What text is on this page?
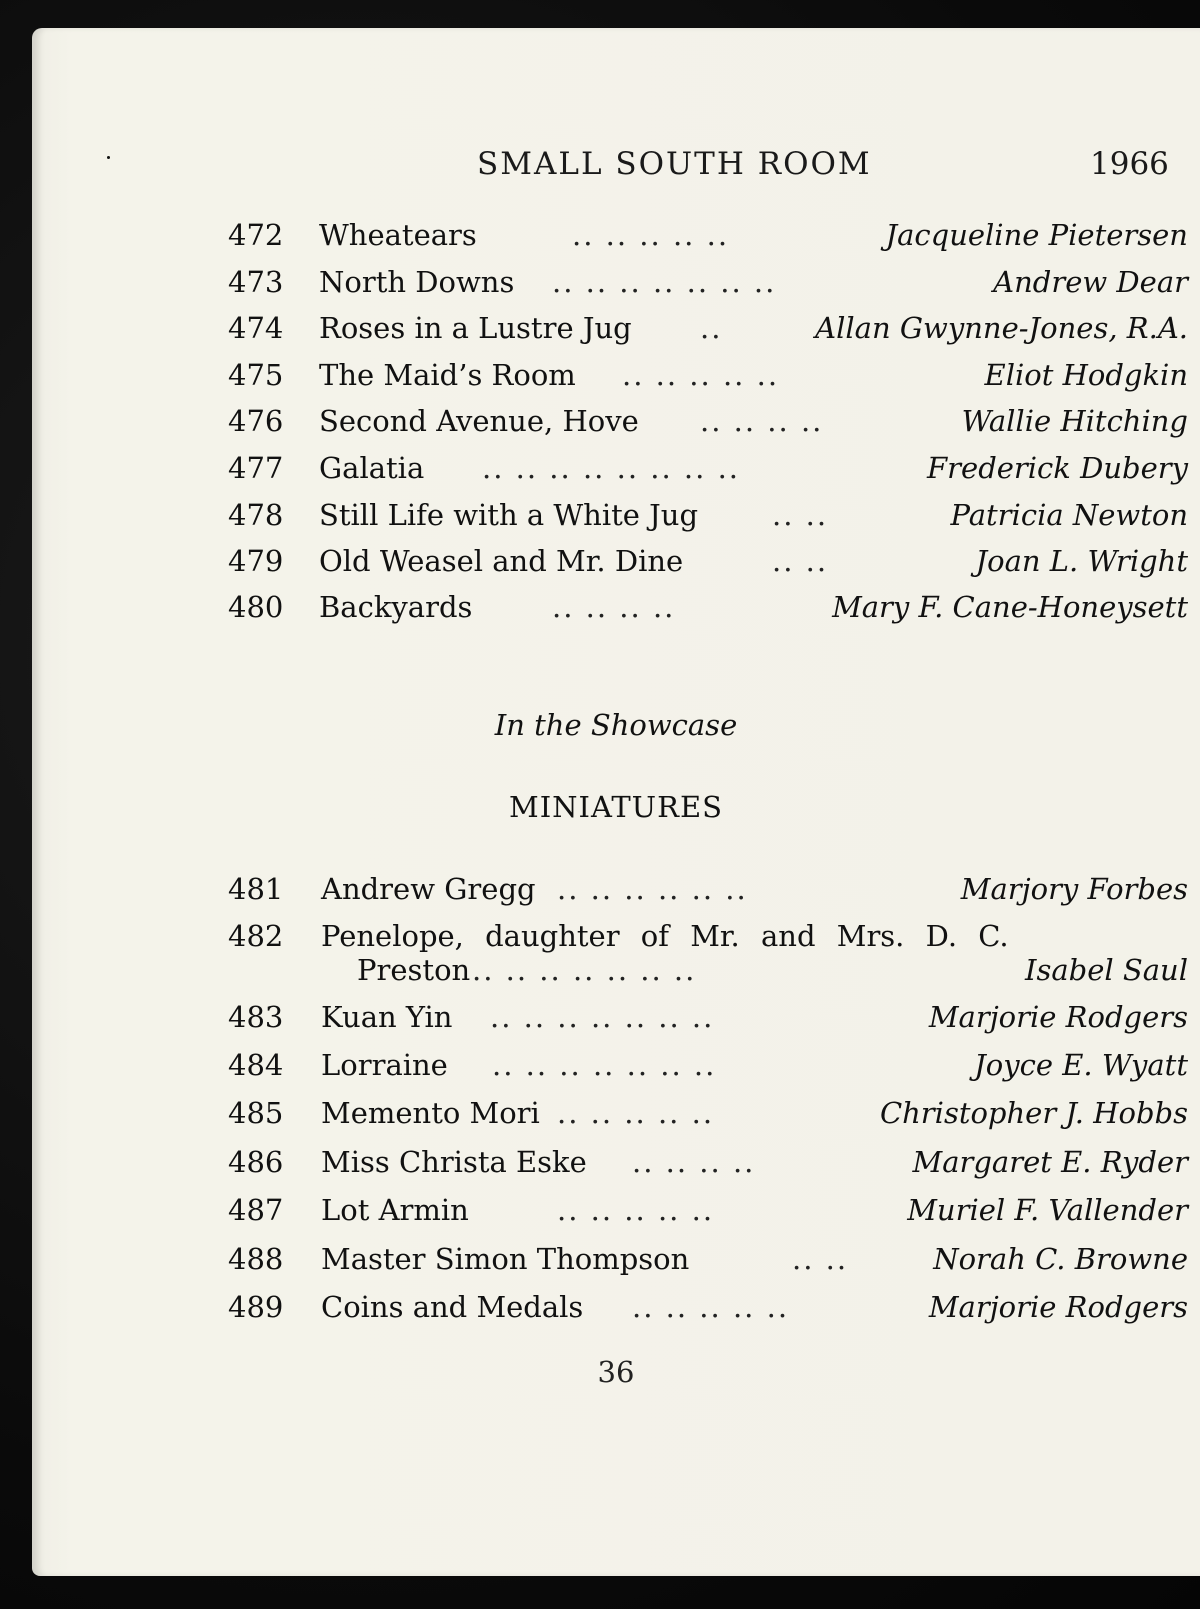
SMALL SOUTH ROOM	1966
472 Wheatears	.. .. .. .. ..	Jacqueline Pietersen
473 North Downs .. .. .. .. .. .. ..	Andrew Dear
474 Roses in a Lustre Jug ..	Allan Gwynne-Jones, R.A.
475 The Maid’s Room .. .. .. .. ..	Eliot Hodgkin
476 Second Avenue, Hove .. .. .. ..	Wallie Hitching
477 Galatia .. .. .. .. .. .. .. ..	Frederick Dubery
478 Still Life with a White Jug	.. ..	Patricia Newton
479 Old Weasel and Mr. Dine	.. ..	Joan L. Wright
480 Backyards	.. .. .. ..	Mary F. Cane-Honeysett
In the Showcase
MINIATURES
481 Andrew Gregg .. .. .. .. .. ..	Marjory Forbes
482 Penelope, daughter of Mr. and Mrs. D. C.
Preston .. .. .. .. .. .. ..	Isabel Saul
483 Kuan Yin .. .. .. .. .. .. ..	Marjorie Rodgers
484 Lorraine .. .. .. .. .. .. ..	Joyce E. Wyatt
485 Memento Mori .. .. .. .. ..	Christopher J. Hobbs
486 Miss Christa Eske .. .. .. ..	Margaret E. Ryder
487 Lot Armin	.. .. .. .. ..	Muriel F. Vallender
488 Master Simon Thompson	.. ..	Norah C. Browne
489 Coins and Medals .. .. .. .. ..	Marjorie Rodgers
36
